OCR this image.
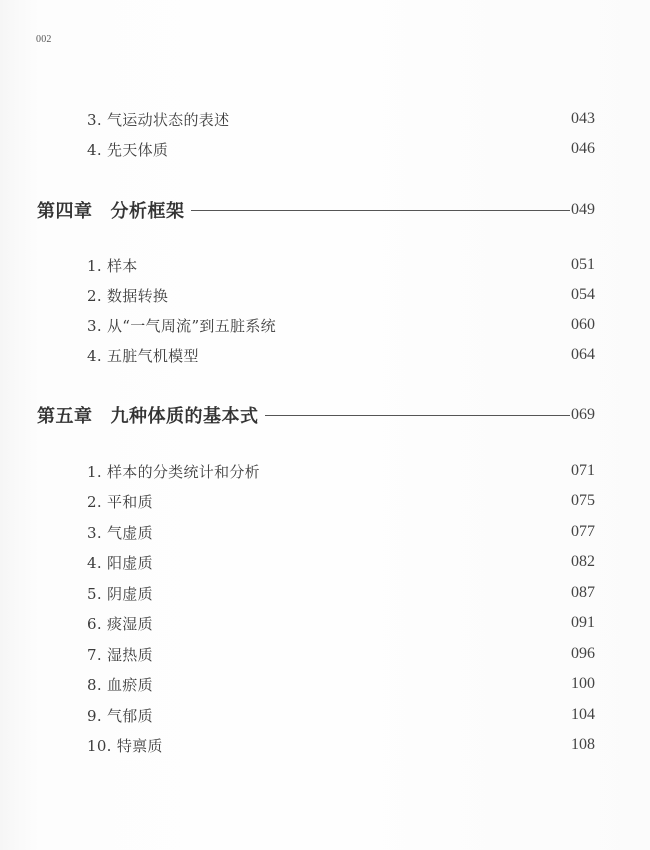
002
3. 气运动状态的表述	043
4. 先天体质	046
第四章 分析框架	049
1. 样本	051
2. 数据转换	054
3. 从“一气周流”到五脏系统	060
4. 五脏气机模型	064
第五章 九种体质的基本式	069
1. 样本的分类统计和分析	071
2. 平和质	075
3. 气虚质	077
4. 阳虚质	082
5. 阴虚质	087
6. 痰湿质	091
7. 湿热质	096
8. 血瘀质	100
9. 气郁质	104
10. 特禀质	108
